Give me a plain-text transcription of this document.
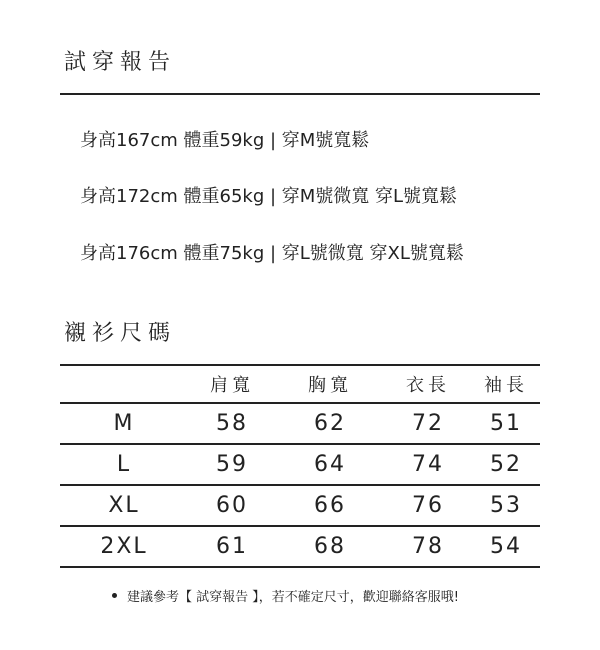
試穿報告
身高167cm 體重59kg | 穿M號寬鬆
身高172cm 體重65kg | 穿M號微寬 穿L號寬鬆
身高176cm 體重75kg | 穿L號微寬 穿XL號寬鬆
襯衫尺碼
	肩寬	胸寬	衣長	袖長
M	58	62	72	51
L	59	64	74	52
XL	60	66	76	53
2XL	61	68	78	54
建議參考【 試穿報告 】，若不確定尺寸，歡迎聯絡客服哦!
